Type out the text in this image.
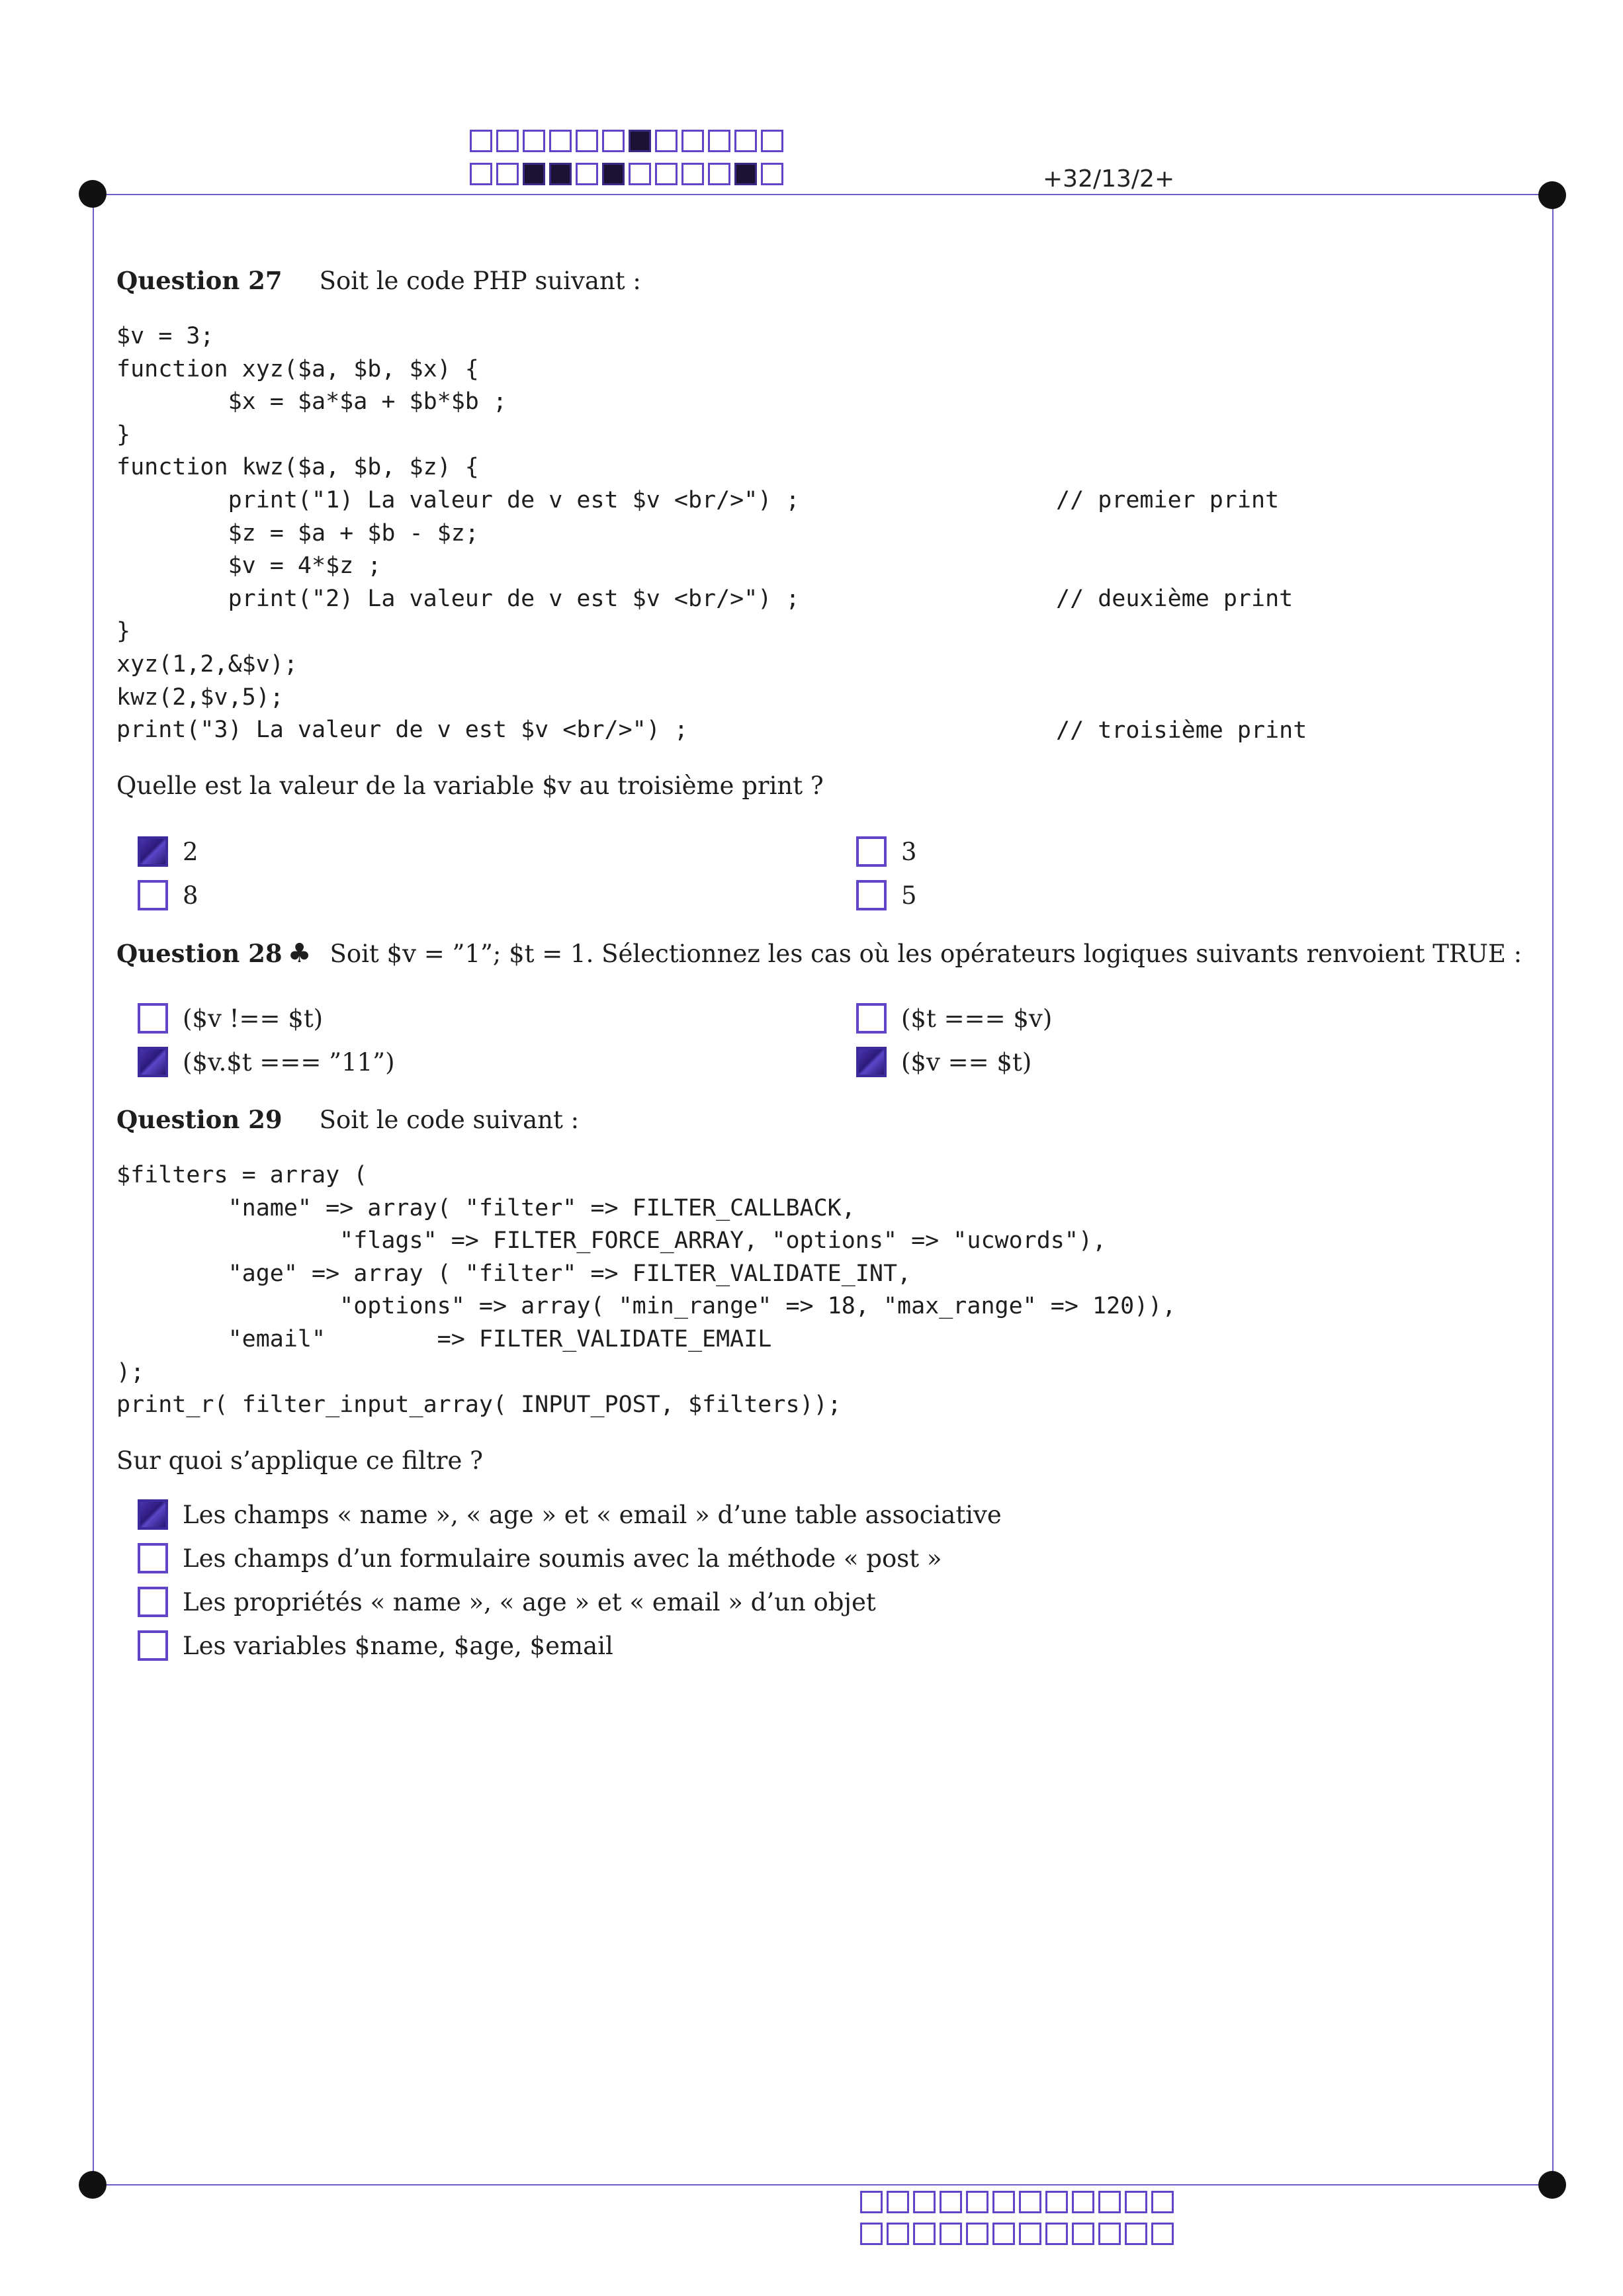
+32/13/2+
Question 27 Soit le code PHP suivant :
$v = 3;
function xyz($a, $b, $x) {
$x = $a*$a + $b*$b ;
}
function kwz($a, $b, $z) {
print("1) La valeur de v est $v <br/>") ;
$z = $a + $b - $z;
$v = 4*$z ;
print("2) La valeur de v est $v <br/>") ;
}
xyz(1,2,&$v);
kwz(2,$v,5);
print("3) La valeur de v est $v <br/>") ;
// premier print
// deuxième print
// troisième print
Quelle est la valeur de la variable $v au troisième print ?
2	3
8	5
Question 28 ♣ Soit $v = ”1”; $t = 1. Sélectionnez les cas où les opérateurs logiques suivants renvoient TRUE :
($v !== $t)	($t === $v)
($v.$t === ”11”)	($v == $t)
Question 29 Soit le code suivant :
$filters = array (
"name" => array( "filter" => FILTER_CALLBACK,
"flags" => FILTER_FORCE_ARRAY, "options" => "ucwords"),
"age" => array ( "filter" => FILTER_VALIDATE_INT,
"options" => array( "min_range" => 18, "max_range" => 120)),
"email"        => FILTER_VALIDATE_EMAIL
);
print_r( filter_input_array( INPUT_POST, $filters));
Sur quoi s’applique ce filtre ?
Les champs « name », « age » et « email » d’une table associative
Les champs d’un formulaire soumis avec la méthode « post »
Les propriétés « name », « age » et « email » d’un objet
Les variables $name, $age, $email
